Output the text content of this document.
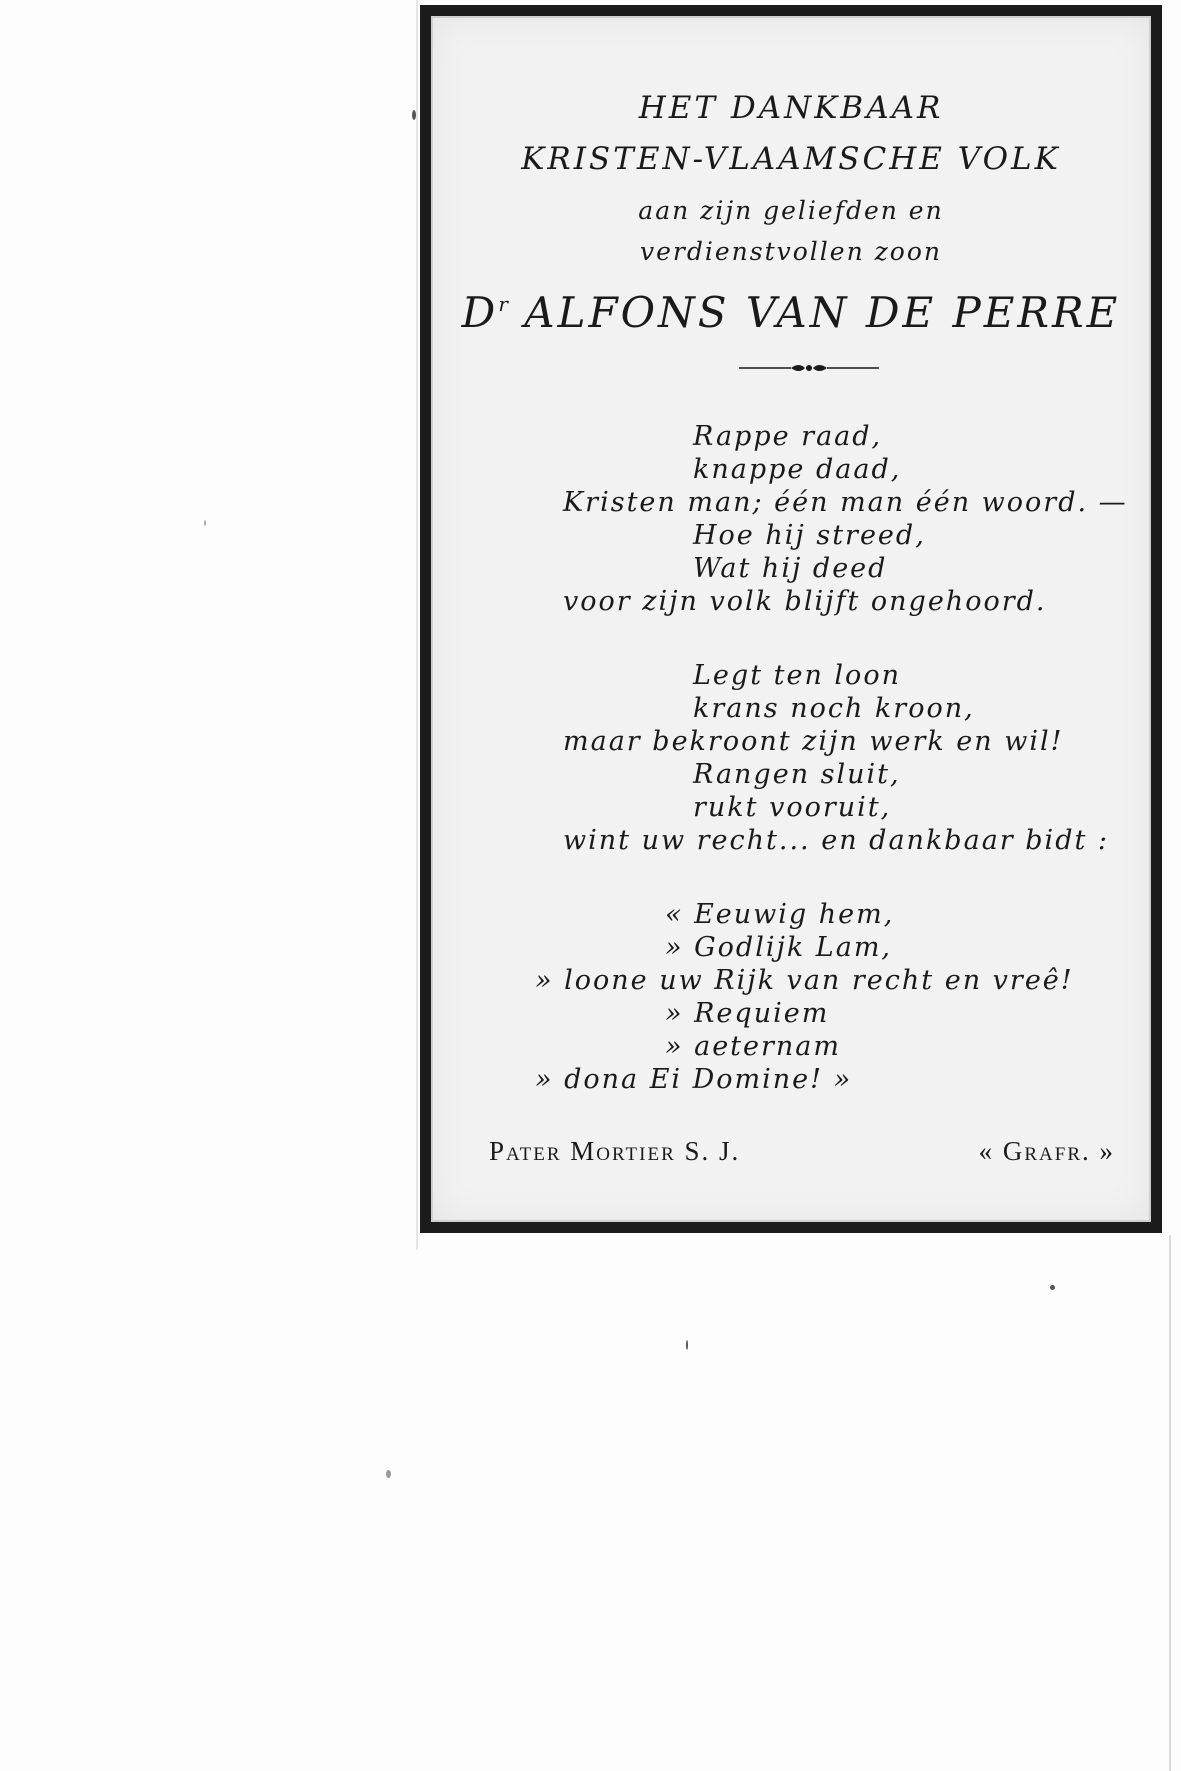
HET DANKBAAR
KRISTEN-VLAAMSCHE VOLK
aan zijn geliefden en
verdienstvollen zoon
$D^r$ ALFONS VAN DE PERRE
Rappe raad,
knappe daad,
Kristen man; één man één woord. —
Hoe hij streed,
Wat hij deed
voor zijn volk blijft ongehoord.
Legt ten loon
krans noch kroon,
maar bekroont zijn werk en wil!
Rangen sluit,
rukt vooruit,
wint uw recht... en dankbaar bidt :
« Eeuwig hem,
» Godlijk Lam,
» loone uw Rijk van recht en vreê!
» Requiem
» aeternam
» dona Ei Domine! »
Pater Mortier S. J.	« Grafr. »
